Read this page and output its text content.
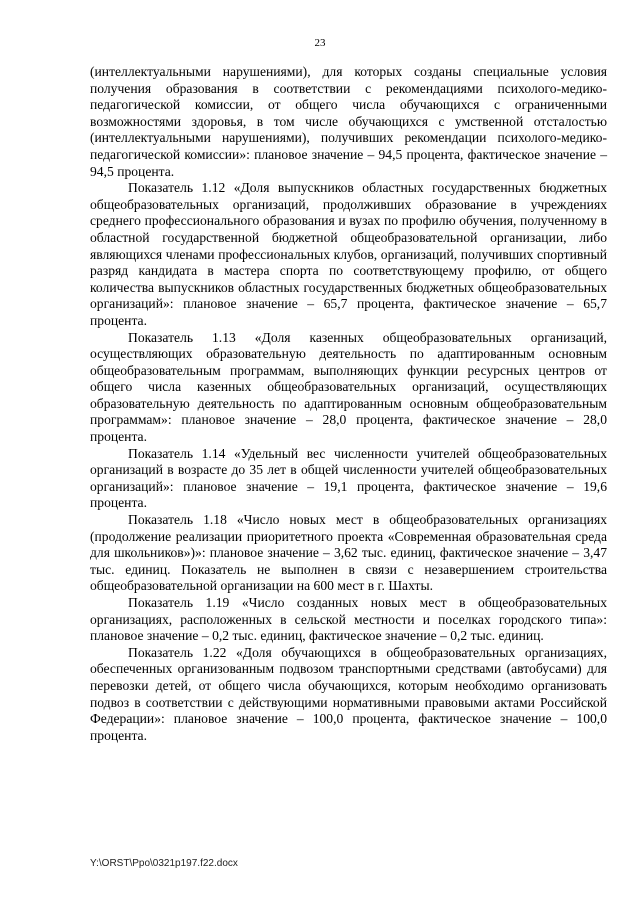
23

(интеллектуальными нарушениями), для которых созданы специальные условия получения образования в соответствии с рекомендациями психолого-медико-педагогической комиссии, от общего числа обучающихся с ограниченными возможностями здоровья, в том числе обучающихся с умственной отсталостью (интеллектуальными нарушениями), получивших рекомендации психолого-медико-педагогической комиссии»: плановое значение – 94,5 процента, фактическое значение – 94,5 процента.

Показатель 1.12 «Доля выпускников областных государственных бюджетных общеобразовательных организаций, продолживших образование в учреждениях среднего профессионального образования и вузах по профилю обучения, полученному в областной государственной бюджетной общеобразовательной организации, либо являющихся членами профессиональных клубов, организаций, получивших спортивный разряд кандидата в мастера спорта по соответствующему профилю, от общего количества выпускников областных государственных бюджетных общеобразовательных организаций»: плановое значение – 65,7 процента, фактическое значение – 65,7 процента.

Показатель 1.13 «Доля казенных общеобразовательных организаций, осуществляющих образовательную деятельность по адаптированным основным общеобразовательным программам, выполняющих функции ресурсных центров от общего числа казенных общеобразовательных организаций, осуществляющих образовательную деятельность по адаптированным основным общеобразовательным программам»: плановое значение – 28,0 процента, фактическое значение – 28,0 процента.

Показатель 1.14 «Удельный вес численности учителей общеобразовательных организаций в возрасте до 35 лет в общей численности учителей общеобразовательных организаций»: плановое значение – 19,1 процента, фактическое значение – 19,6 процента.

Показатель 1.18 «Число новых мест в общеобразовательных организациях (продолжение реализации приоритетного проекта «Современная образовательная среда для школьников»)»: плановое значение – 3,62 тыс. единиц, фактическое значение – 3,47 тыс. единиц. Показатель не выполнен в связи с незавершением строительства общеобразовательной организации на 600 мест в г. Шахты.

Показатель 1.19 «Число созданных новых мест в общеобразовательных организациях, расположенных в сельской местности и поселках городского типа»: плановое значение – 0,2 тыс. единиц, фактическое значение – 0,2 тыс. единиц.

Показатель 1.22 «Доля обучающихся в общеобразовательных организациях, обеспеченных организованным подвозом транспортными средствами (автобусами) для перевозки детей, от общего числа обучающихся, которым необходимо организовать подвоз в соответствии с действующими нормативными правовыми актами Российской Федерации»: плановое значение – 100,0 процента, фактическое значение – 100,0 процента.

Y:\ORST\Ppo\0321p197.f22.docx
